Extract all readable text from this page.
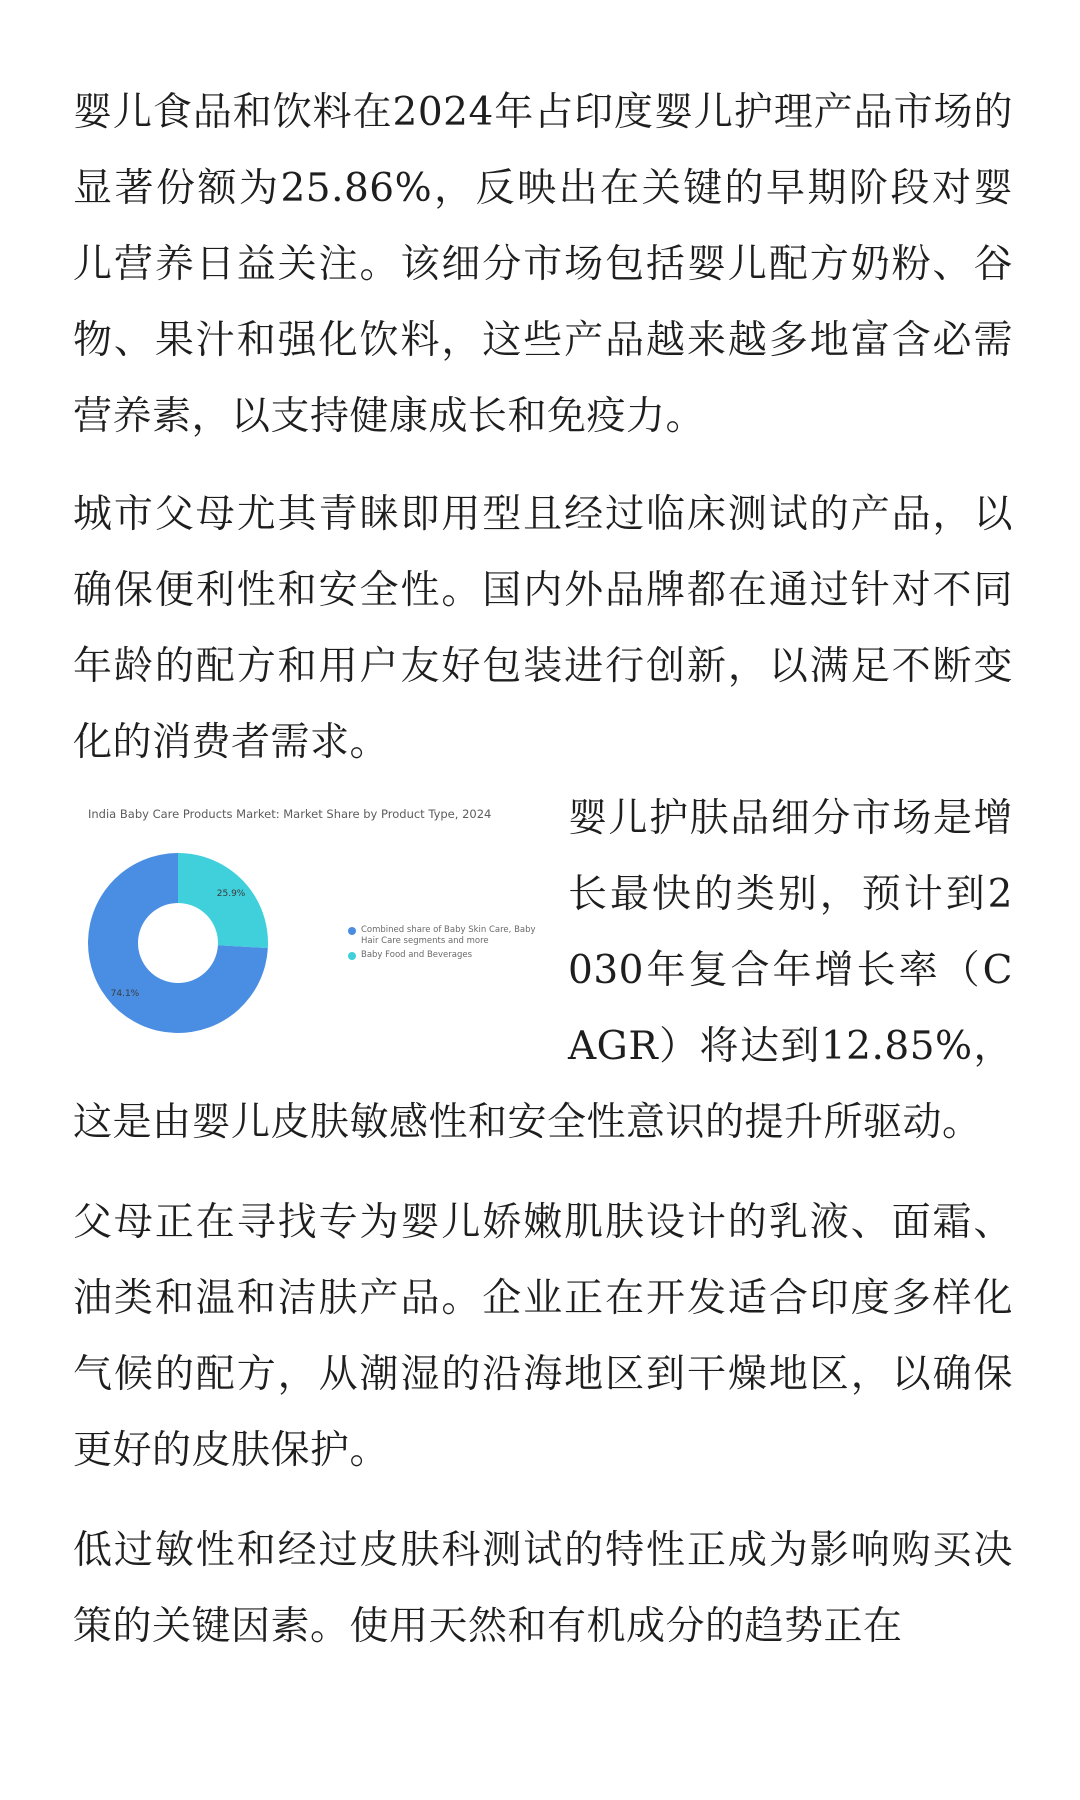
婴儿食品和饮料在2024年占印度婴儿护理产品市场的显著份额为25.86%，反映出在关键的早期阶段对婴儿营养日益关注。该细分市场包括婴儿配方奶粉、谷物、果汁和强化饮料，这些产品越来越多地富含必需营养素，以支持健康成长和免疫力。

城市父母尤其青睐即用型且经过临床测试的产品，以确保便利性和安全性。国内外品牌都在通过针对不同年龄的配方和用户友好包装进行创新，以满足不断变化的消费者需求。

25.9%
74.1%
India Baby Care Products Market: Market Share by Product Type, 2024
Combined share of Baby Skin Care, Baby Hair Care segments and more
Baby Food and Beverages

婴儿护肤品细分市场是增长最快的类别，预计到2030年复合年增长率（CAGR）将达到12.85%，这是由婴儿皮肤敏感性和安全性意识的提升所驱动。

父母正在寻找专为婴儿娇嫩肌肤设计的乳液、面霜、油类和温和洁肤产品。企业正在开发适合印度多样化气候的配方，从潮湿的沿海地区到干燥地区，以确保更好的皮肤保护。

低过敏性和经过皮肤科测试的特性正成为影响购买决策的关键因素。使用天然和有机成分的趋势正在
